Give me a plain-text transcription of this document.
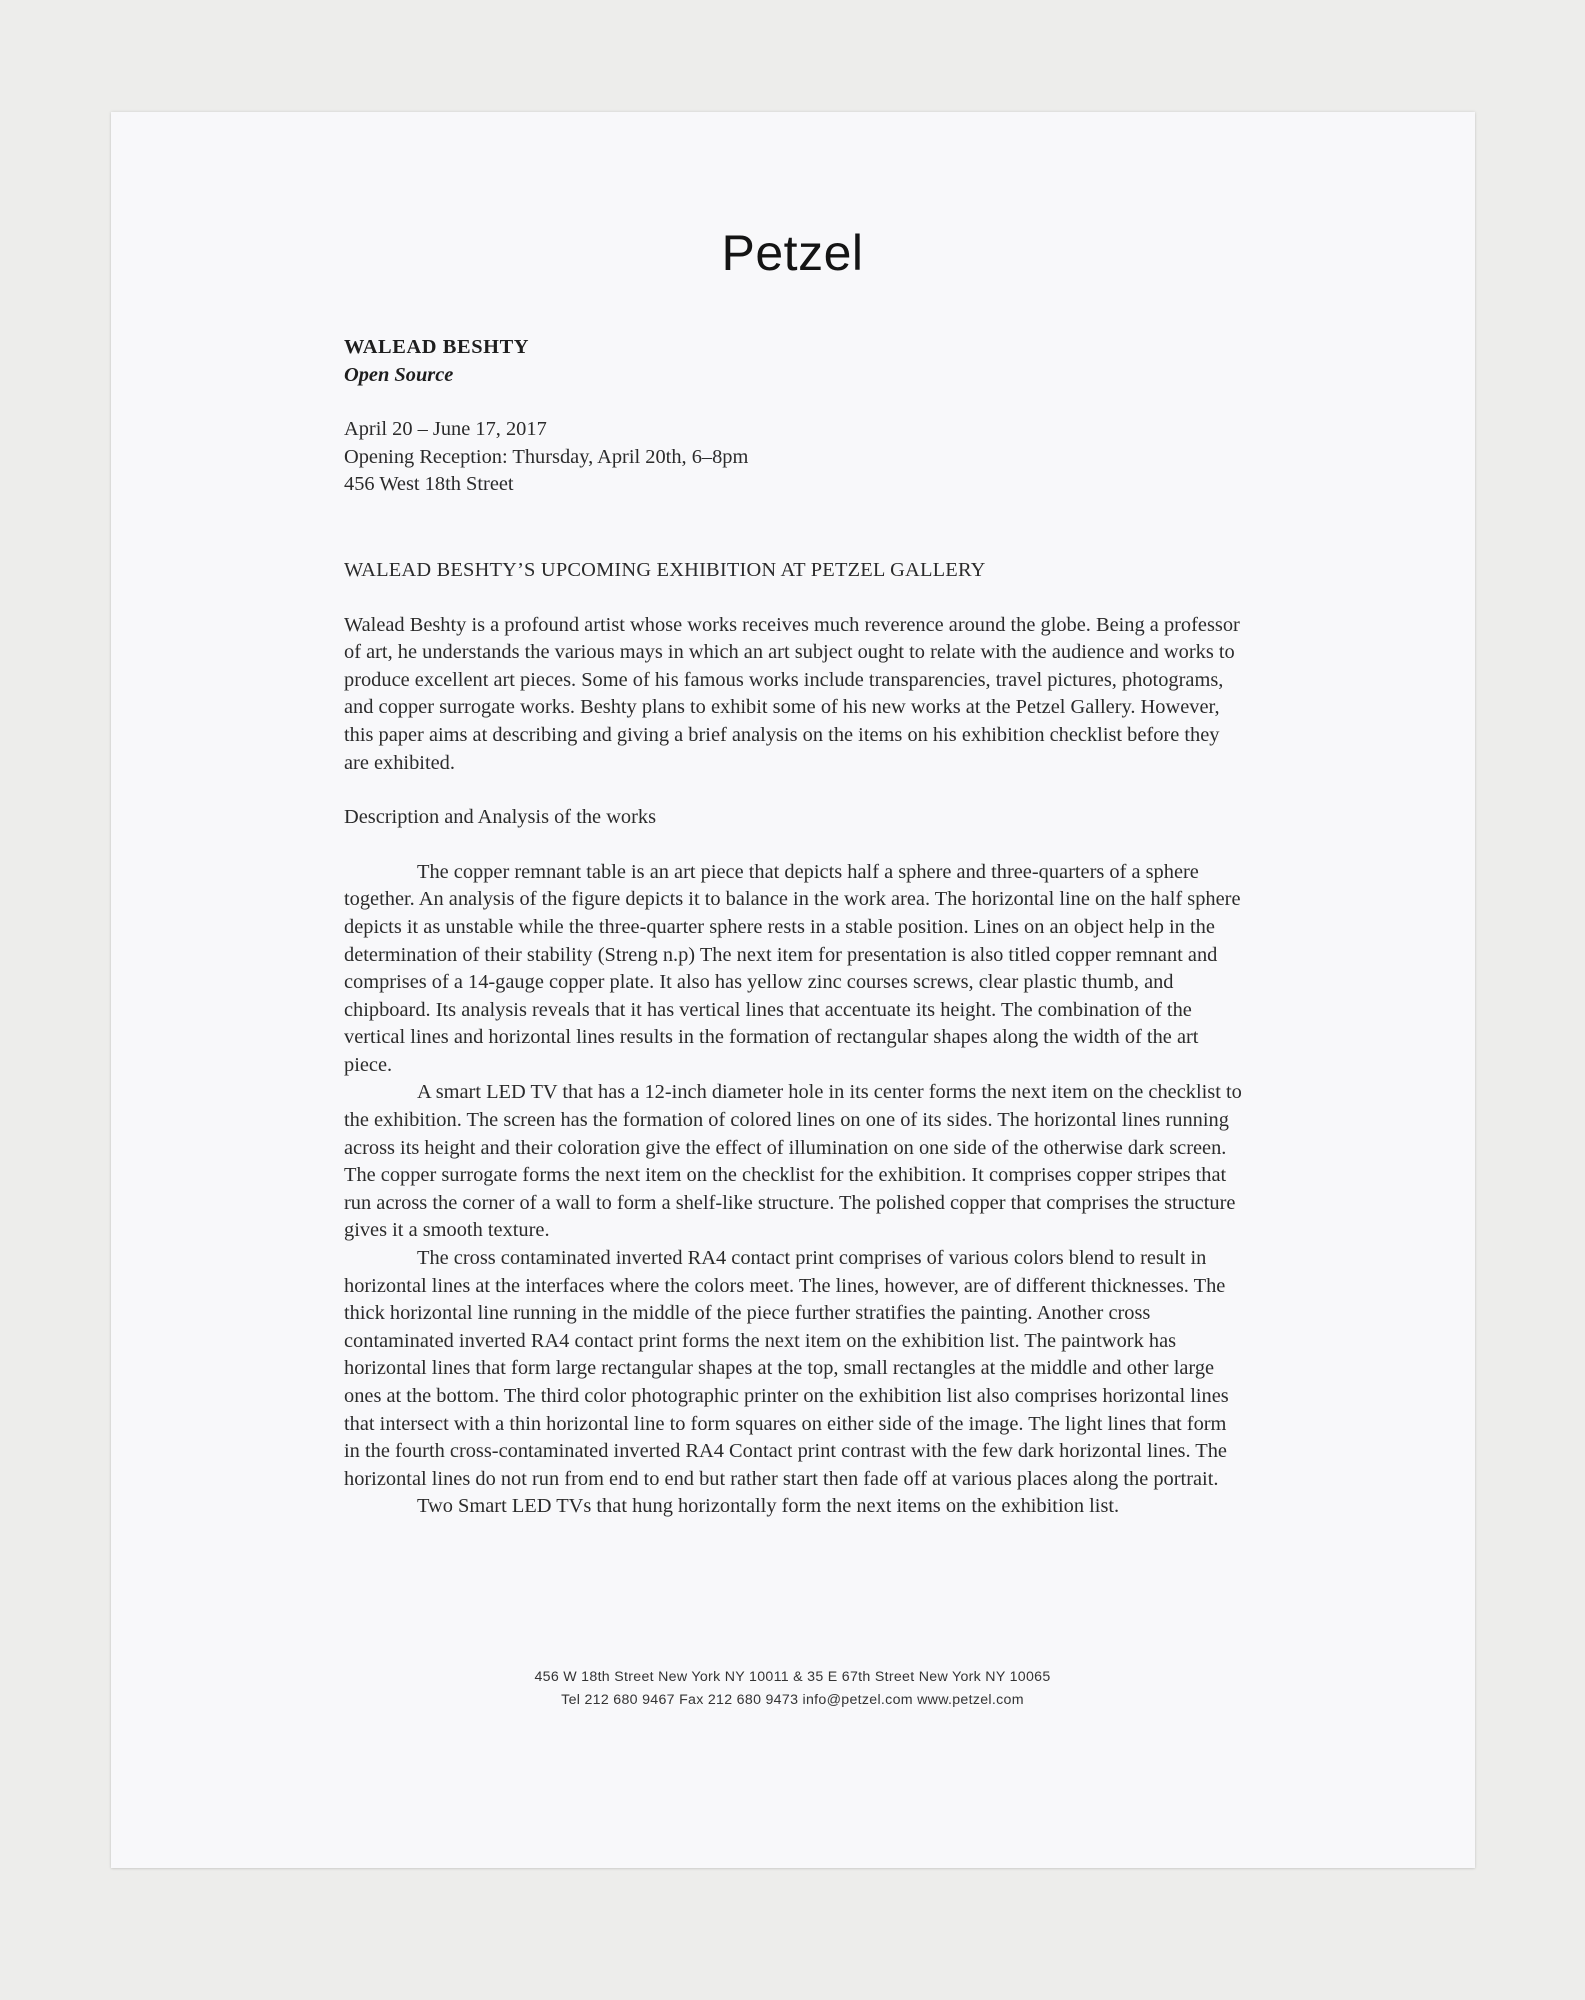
Petzel
WALEAD BESHTY
Open Source
April 20 – June 17, 2017
Opening Reception: Thursday, April 20th, 6–8pm
456 West 18th Street
WALEAD BESHTY’S UPCOMING EXHIBITION AT PETZEL GALLERY
Walead Beshty is a profound artist whose works receives much reverence around the globe. Being a professor of art, he understands the various mays in which an art subject ought to relate with the audience and works to produce excellent art pieces. Some of his famous works include transparencies, travel pictures, photograms, and copper surrogate works. Beshty plans to exhibit some of his new works at the Petzel Gallery. However, this paper aims at describing and giving a brief analysis on the items on his exhibition checklist before they are exhibited.
Description and Analysis of the works

The copper remnant table is an art piece that depicts half a sphere and three-quarters of a sphere together. An analysis of the figure depicts it to balance in the work area. The horizontal line on the half sphere depicts it as unstable while the three-quarter sphere rests in a stable position. Lines on an object help in the determination of their stability (Streng n.p) The next item for presentation is also titled copper remnant and comprises of a 14-gauge copper plate. It also has yellow zinc courses screws, clear plastic thumb, and chipboard. Its analysis reveals that it has vertical lines that accentuate its height. The combination of the vertical lines and horizontal lines results in the formation of rectangular shapes along the width of the art piece.

A smart LED TV that has a 12-inch diameter hole in its center forms the next item on the checklist to the exhibition. The screen has the formation of colored lines on one of its sides. The horizontal lines running across its height and their coloration give the effect of illumination on one side of the otherwise dark screen. The copper surrogate forms the next item on the checklist for the exhibition. It comprises copper stripes that run across the corner of a wall to form a shelf-like structure. The polished copper that comprises the structure gives it a smooth texture.

The cross contaminated inverted RA4 contact print comprises of various colors blend to result in horizontal lines at the interfaces where the colors meet. The lines, however, are of different thicknesses. The thick horizontal line running in the middle of the piece further stratifies the painting. Another cross contaminated inverted RA4 contact print forms the next item on the exhibition list. The paintwork has horizontal lines that form large rectangular shapes at the top, small rectangles at the middle and other large ones at the bottom. The third color photographic printer on the exhibition list also comprises horizontal lines that intersect with a thin horizontal line to form squares on either side of the image. The light lines that form in the fourth cross-contaminated inverted RA4 Contact print contrast with the few dark horizontal lines. The horizontal lines do not run from end to end but rather start then fade off at various places along the portrait.

Two Smart LED TVs that hung horizontally form the next items on the exhibition list.

456 W 18th Street New York NY 10011 & 35 E 67th Street New York NY 10065
Tel 212 680 9467 Fax 212 680 9473 info@petzel.com www.petzel.com
